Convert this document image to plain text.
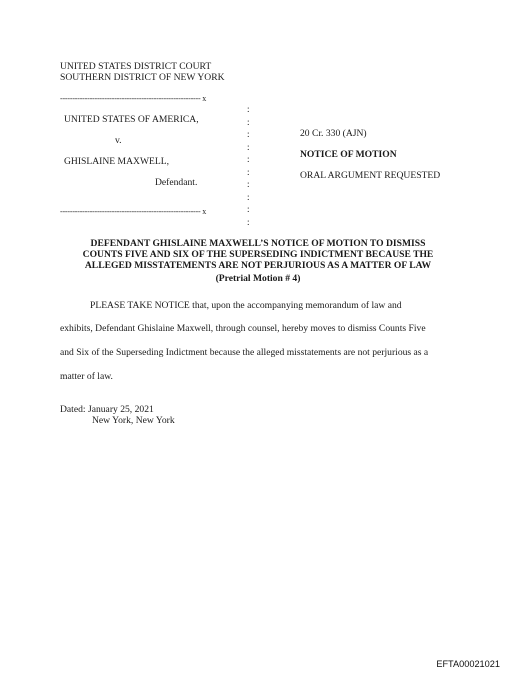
UNITED STATES DISTRICT COURT
SOUTHERN DISTRICT OF NEW YORK
--------------------------------------------------------- x
:
:
:
:
:
:
:
:
:
:
UNITED STATES OF AMERICA,
v.
GHISLAINE MAXWELL,
Defendant.
--------------------------------------------------------- x
20 Cr. 330 (AJN)
NOTICE OF MOTION
ORAL ARGUMENT REQUESTED
DEFENDANT GHISLAINE MAXWELL’S NOTICE OF MOTION TO DISMISS
COUNTS FIVE AND SIX OF THE SUPERSEDING INDICTMENT BECAUSE THE
ALLEGED MISSTATEMENTS ARE NOT PERJURIOUS AS A MATTER OF LAW
(Pretrial Motion # 4)
PLEASE TAKE NOTICE that, upon the accompanying memorandum of law and
exhibits, Defendant Ghislaine Maxwell, through counsel, hereby moves to dismiss Counts Five
and Six of the Superseding Indictment because the alleged misstatements are not perjurious as a
matter of law.
Dated: January 25, 2021
New York, New York
EFTA00021021
